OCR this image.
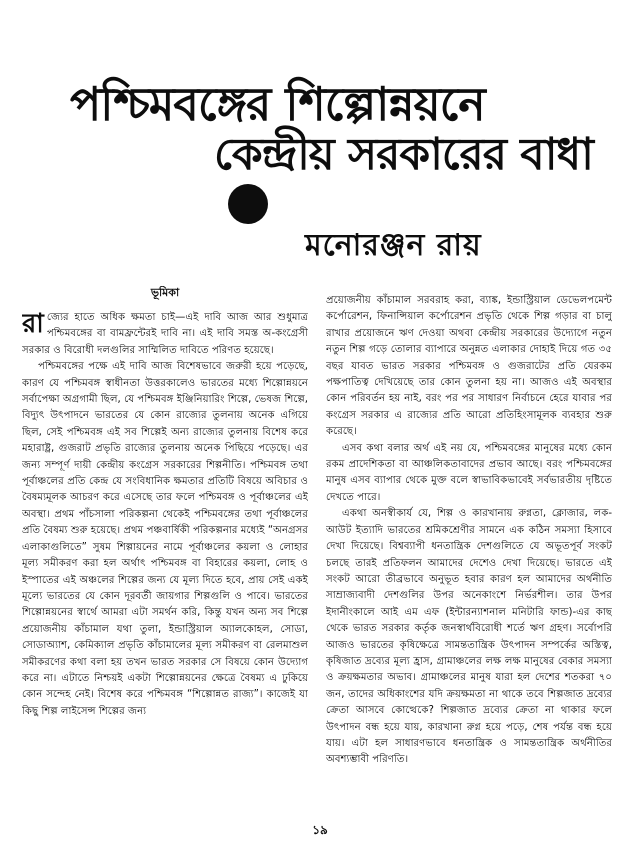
পশ্চিমবঙ্গের শিল্পোন্নয়নে
কেন্দ্রীয় সরকারের বাধা
মনোরঞ্জন রায়
ভূমিকা

রাজ্যের হাতে অধিক ক্ষমতা চাই—এই দাবি আজ আর শুধুমাত্র পশ্চিমবঙ্গের বা বামফ্রন্টেরই দাবি না। এই দাবি সমস্ত অ-কংগ্রেসী সরকার ও বিরোধী দলগুলির সাম্মিলিত দাবিতে পরিণত হয়েছে।

পশ্চিমবঙ্গের পক্ষে এই দাবি আজ বিশেষভাবে জরুরী হয়ে পড়েছে, কারণ যে পশ্চিমবঙ্গ স্বাধীনতা উত্তরকালেও ভারতের মধ্যে শিল্পোন্নয়নে সর্বাপেক্ষা অগ্রগামী ছিল, যে পশ্চিমবঙ্গ ইঞ্জিনিয়ারিং শিল্পে, ভেষজ শিল্পে, বিদ্যুৎ উৎপাদনে ভারতের যে কোন রাজ্যের তুলনায় অনেক এগিয়ে ছিল, সেই পশ্চিমবঙ্গ এই সব শিল্পেই অন্য রাজ্যের তুলনায় বিশেষ করে মহারাষ্ট্র, গুজরাট প্রভৃতি রাজ্যের তুলনায় অনেক পিছিয়ে পড়েছে। এর জন্য সম্পূর্ণ দায়ী কেন্দ্রীয় কংগ্রেস সরকারের শিল্পনীতি। পশ্চিমবঙ্গ তথা পূর্বাঞ্চলের প্রতি কেন্দ্র যে সংবিধানিক ক্ষমতার প্রতিটি বিষয়ে অবিচার ও বৈষম্যমূলক আচরণ করে এসেছে তার ফলে পশ্চিমবঙ্গ ও পূর্বাঞ্চলের এই অবস্থা। প্রথম পাঁচসালা পরিকল্পনা থেকেই পশ্চিমবঙ্গের তথা পূর্বাঞ্চলের প্রতি বৈষম্য শুরু হয়েছে। প্রথম পঞ্চবার্ষিকী পরিকল্পনার মধ্যেই “অনগ্রসর এলাকাগুলিতে” সুষম শিল্পায়নের নামে পূর্বাঞ্চলের কয়লা ও লোহার মূল্য সমীকরণ করা হল অর্থাৎ পশ্চিমবঙ্গ বা বিহারের কয়লা, লোহ ও ইস্পাতের এই অঞ্চলের শিল্পের জন্য যে মূল্য দিতে হবে, প্রায় সেই একই মূল্যে ভারতের যে কোন দূরবর্তী জায়গার শিল্পগুলি ও পাবে। ভারতের শিল্পোন্নয়নের স্বার্থে আমরা এটা সমর্থন করি, কিন্তু যখন অন্য সব শিল্পে প্রয়োজনীয় কাঁচামাল যথা তুলা, ইন্ডাস্ট্রিয়াল অ্যালকোহল, সোডা, সোডাঅ্যাশ, কেমিক্যাল প্রভৃতি কাঁচামালের মূল্য সমীকরণ বা রেলমাশুল সমীকরণের কথা বলা হয় তখন ভারত সরকার সে বিষয়ে কোন উদ্যোগ করে না। এটাতে নিশ্চয়ই একটা শিল্পোন্নয়নের ক্ষেত্রে বৈষম্য এ ঢুকিয়ে কোন সন্দেহ নেই। বিশেষ করে পশ্চিমবঙ্গ “শিল্পোন্নত রাজ্য”। কাজেই যা কিছু শিল্প লাইসেন্স শিল্পের জন্য

প্রয়োজনীয় কাঁচামাল সরবরাহ করা, ব্যাঙ্ক, ইন্ডাস্ট্রিয়াল ডেভেলপমেন্ট কর্পোরেশন, ফিনান্সিয়াল কর্পোরেশন প্রভৃতি থেকে শিল্প গড়ার বা চালু রাখার প্রয়োজনে ঋণ দেওয়া অথবা কেন্দ্রীয় সরকারের উদ্যোগে নতুন নতুন শিল্প গড়ে তোলার ব্যাপারে অনুন্নত এলাকার দোহাই দিয়ে গত ৩৫ বছর যাবত ভারত সরকার পশ্চিমবঙ্গ ও গুজরাটের প্রতি যেরকম পক্ষপাতিত্ব দেখিয়েছে তার কোন তুলনা হয় না। আজও এই অবস্থার কোন পরিবর্তন হয় নাই, বরং পর পর সাধারণ নির্বাচনে হেরে যাবার পর কংগ্রেস সরকার এ রাজ্যের প্রতি আরো প্রতিহিংসামূলক ব্যবহার শুরু করেছে।

এসব কথা বলার অর্থ এই নয় যে, পশ্চিমবঙ্গের মানুষের মধ্যে কোন রকম প্রাদেশিকতা বা আঞ্চলিকতাবাদের প্রভাব আছে। বরং পশ্চিমবঙ্গের মানুষ এসব ব্যাপার থেকে মুক্ত বলে স্বাভাবিকভাবেই সর্বভারতীয় দৃষ্টিতে দেখতে পারে।

একথা অনস্বীকার্য যে, শিল্প ও কারখানায় রুগ্নতা, ক্লোজার, লক-আউট ইত্যাদি ভারতের শ্রমিকশ্রেণীর সামনে এক কঠিন সমস্যা হিসাবে দেখা দিয়েছে। বিশ্বব্যাপী ধনতান্ত্রিক দেশগুলিতে যে অভূতপূর্ব সংকট চলছে তারই প্রতিফলন আমাদের দেশেও দেখা দিয়েছে। ভারতে এই সংকট আরো তীব্রভাবে অনুভূত হবার কারণ হল আমাদের অর্থনীতি সাম্রাজ্যবাদী দেশগুলির উপর অনেকাংশে নির্ভরশীল। তার উপর ইদানীংকালে আই এম এফ (ইন্টারন্যাশনাল মনিটারি ফান্ড)-এর কাছ থেকে ভারত সরকার কর্তৃক জনস্বার্থবিরোধী শর্তে ঋণ গ্রহণ। সর্বোপরি আজও ভারতের কৃষিক্ষেত্রে সামন্ততান্ত্রিক উৎপাদন সম্পর্কের অস্তিত্ব, কৃষিজাত দ্রব্যের মূল্য হ্রাস, গ্রামাঞ্চলের লক্ষ লক্ষ মানুষের বেকার সমস্যা ও ক্রয়ক্ষমতার অভাব। গ্রামাঞ্চলের মানুষ যারা হল দেশের শতকরা ৭০ জন, তাদের অধিকাংশের যদি ক্রয়ক্ষমতা না থাকে তবে শিল্পজাত দ্রব্যের ক্রেতা আসবে কোত্থেকে? শিল্পজাত দ্রব্যের ক্রেতা না থাকার ফলে উৎপাদন বন্ধ হয়ে যায়, কারখানা রুগ্ন হয়ে পড়ে, শেষ পর্যন্ত বন্ধ হয়ে যায়। এটা হল সাধারণভাবে ধনতান্ত্রিক ও সামন্ততান্ত্রিক অর্থনীতির অবশ্যম্ভাবী পরিণতি।

১৯
